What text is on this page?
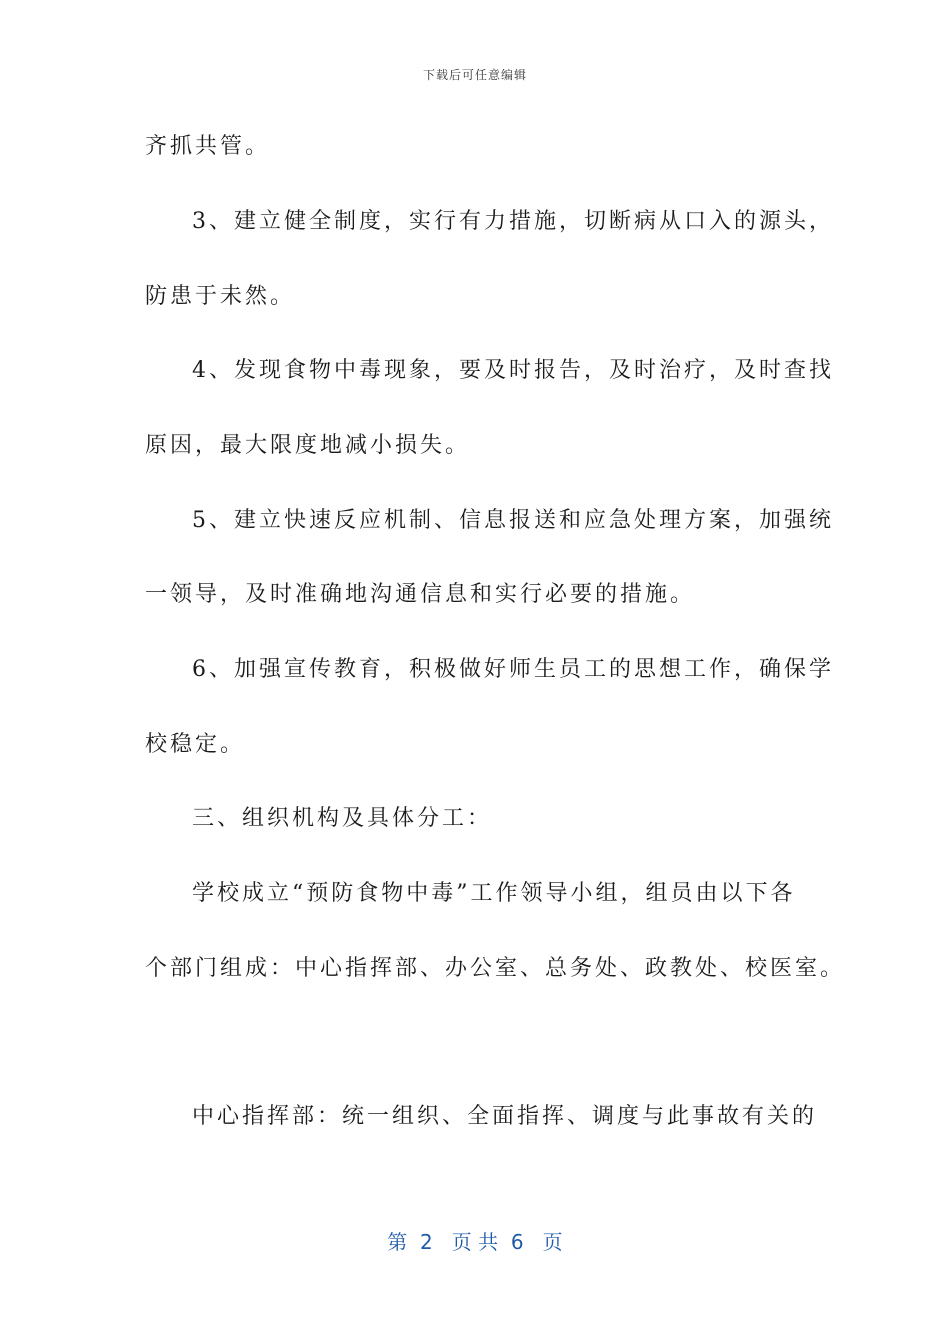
下载后可任意编辑

齐抓共管。

3、建立健全制度，实行有力措施，切断病从口入的源头，

防患于未然。

4、发现食物中毒现象，要及时报告，及时治疗，及时查找

原因，最大限度地减小损失。

5、建立快速反应机制、信息报送和应急处理方案，加强统

一领导，及时准确地沟通信息和实行必要的措施。

6、加强宣传教育，积极做好师生员工的思想工作，确保学

校稳定。

三、组织机构及具体分工：

学校成立“预防食物中毒”工作领导小组，组员由以下各

个部门组成：中心指挥部、办公室、总务处、政教处、校医室。

中心指挥部：统一组织、全面指挥、调度与此事故有关的

第  2   页 共  6   页
